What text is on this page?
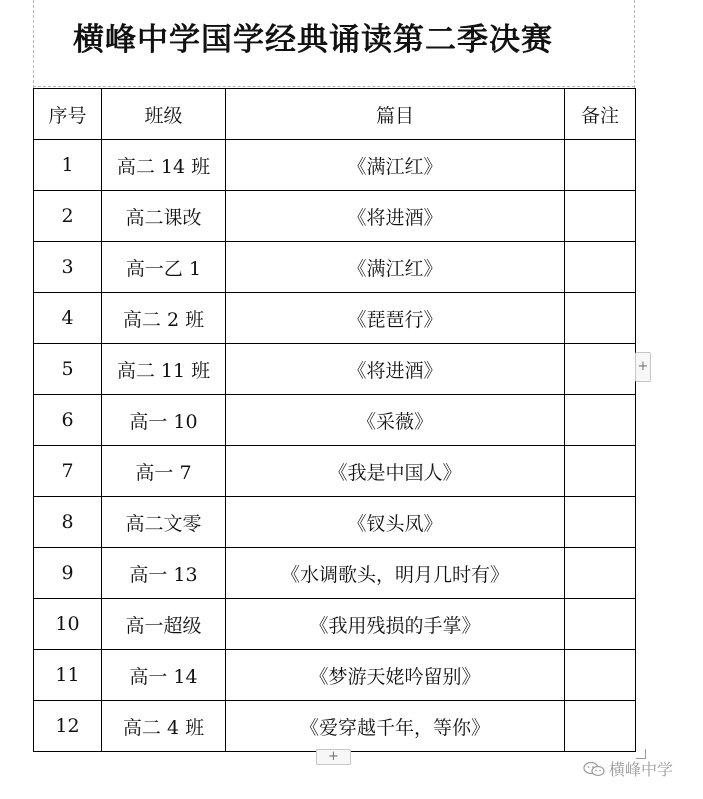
横峰中学国学经典诵读第二季决赛
序号	班级	篇目	备注
1	高二 14 班	《满江红》	
2	高二课改	《将进酒》	
3	高一乙 1	《满江红》	
4	高二 2 班	《琵琶行》	
5	高二 11 班	《将进酒》	
6	高一 10	《采薇》	
7	高一 7	《我是中国人》	
8	高二文零	《钗头凤》	
9	高一 13	《水调歌头，明月几时有》	
10	高一超级	《我用残损的手掌》	
11	高一 14	《梦游天姥吟留别》	
12	高二 4 班	《爱穿越千年，等你》	
+
+
横峰中学
